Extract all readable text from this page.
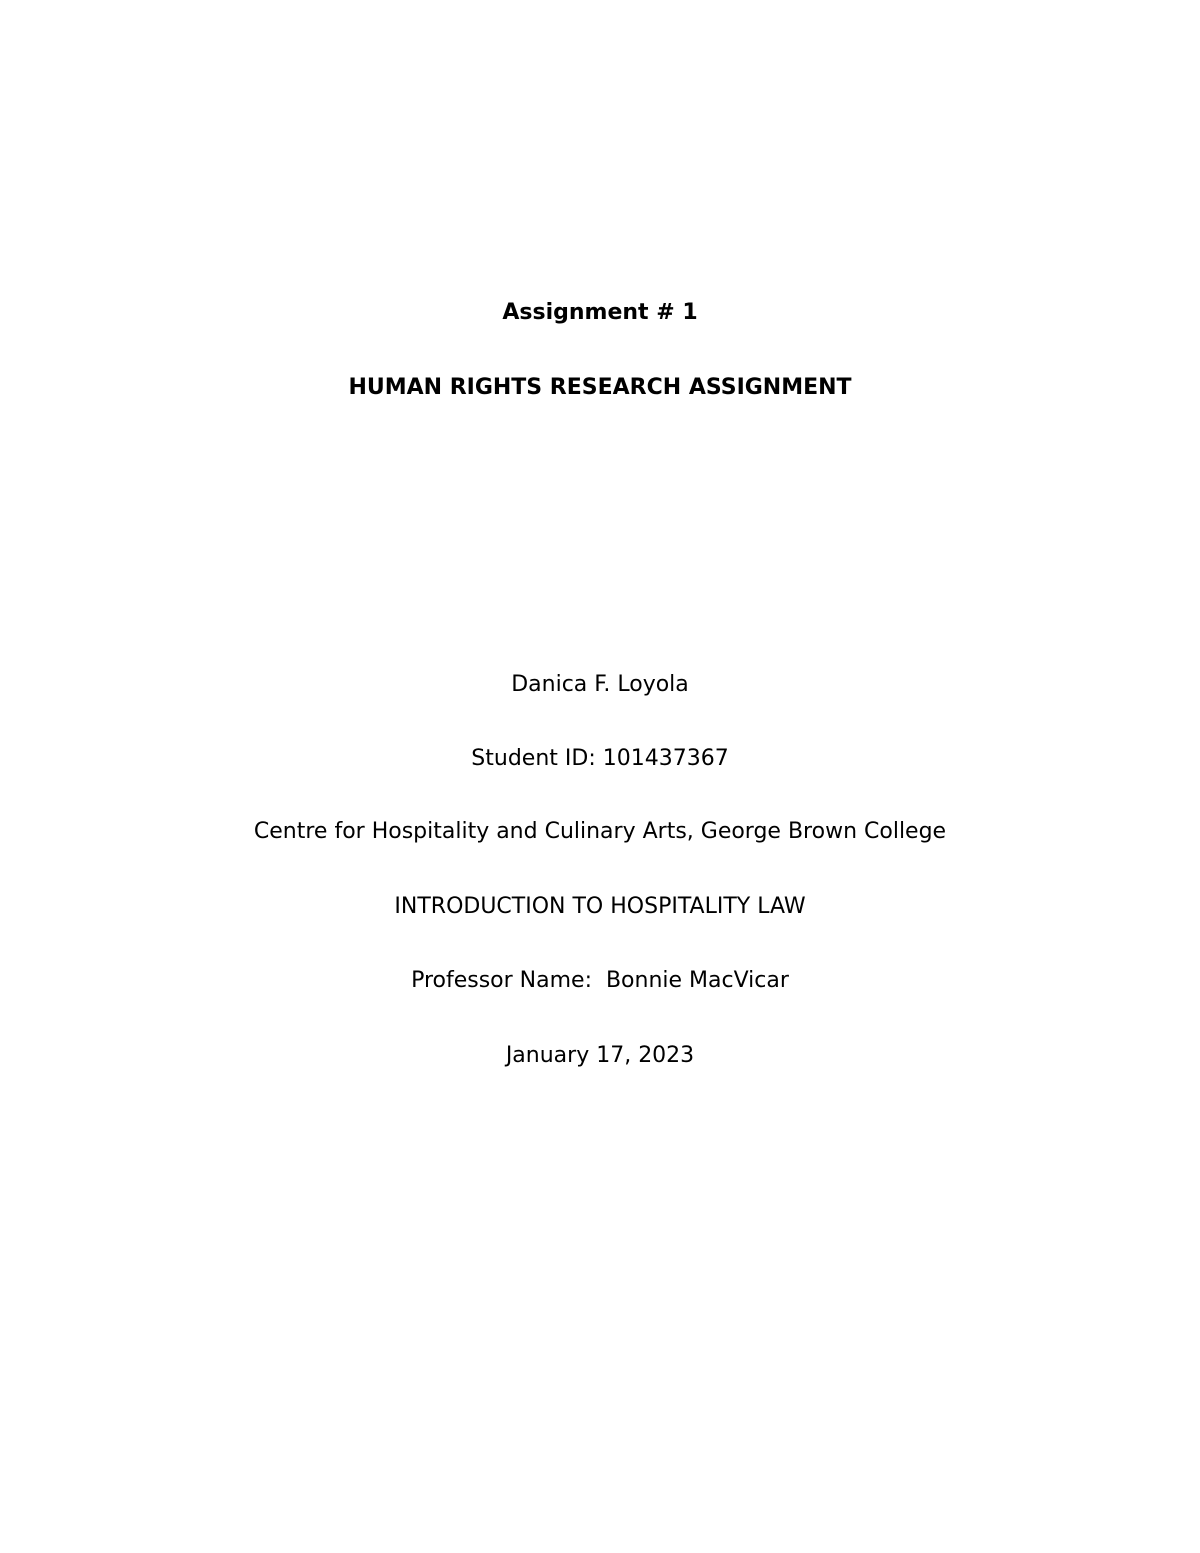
Assignment # 1
HUMAN RIGHTS RESEARCH ASSIGNMENT
Danica F. Loyola
Student ID: 101437367
Centre for Hospitality and Culinary Arts, George Brown College
INTRODUCTION TO HOSPITALITY LAW
Professor Name:  Bonnie MacVicar
January 17, 2023
